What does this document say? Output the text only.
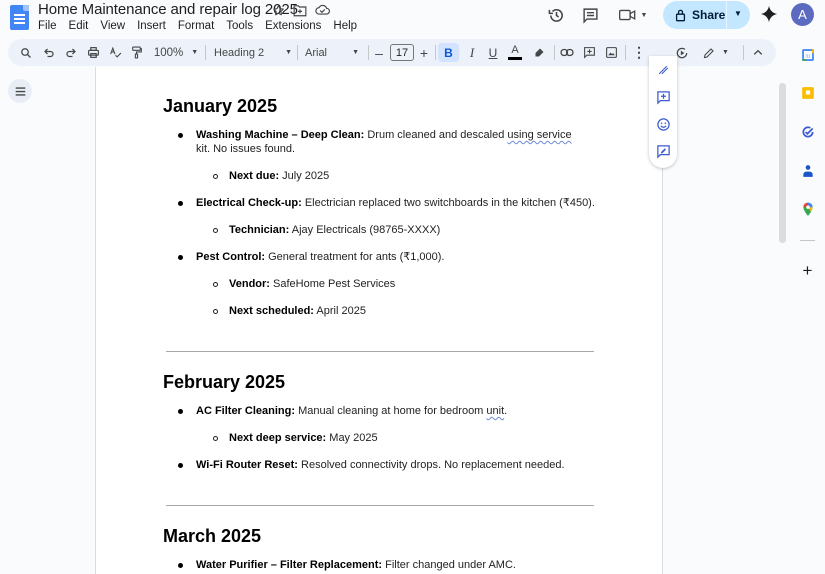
Home Maintenance and repair log 2025
File	Edit	View	Insert	Format	Tools	Extensions	Help
▼	Share ▼	A
100% ▼ Heading 2	▼ Arial	▼ –	17 +	B	I	U	A	⋮	▼
January 2025
Washing Machine – Deep Clean: Drum cleaned and descaled using service kit. No issues found.
Next due: July 2025
Electrical Check-up: Electrician replaced two switchboards in the kitchen (₹450).
Technician: Ajay Electricals (98765-XXXX)
Pest Control: General treatment for ants (₹1,000).
Vendor: SafeHome Pest Services
Next scheduled: April 2025
February 2025
AC Filter Cleaning: Manual cleaning at home for bedroom unit.
Next deep service: May 2025
Wi-Fi Router Reset: Resolved connectivity drops. No replacement needed.
March 2025
Water Purifier – Filter Replacement: Filter changed under AMC.
31
+
